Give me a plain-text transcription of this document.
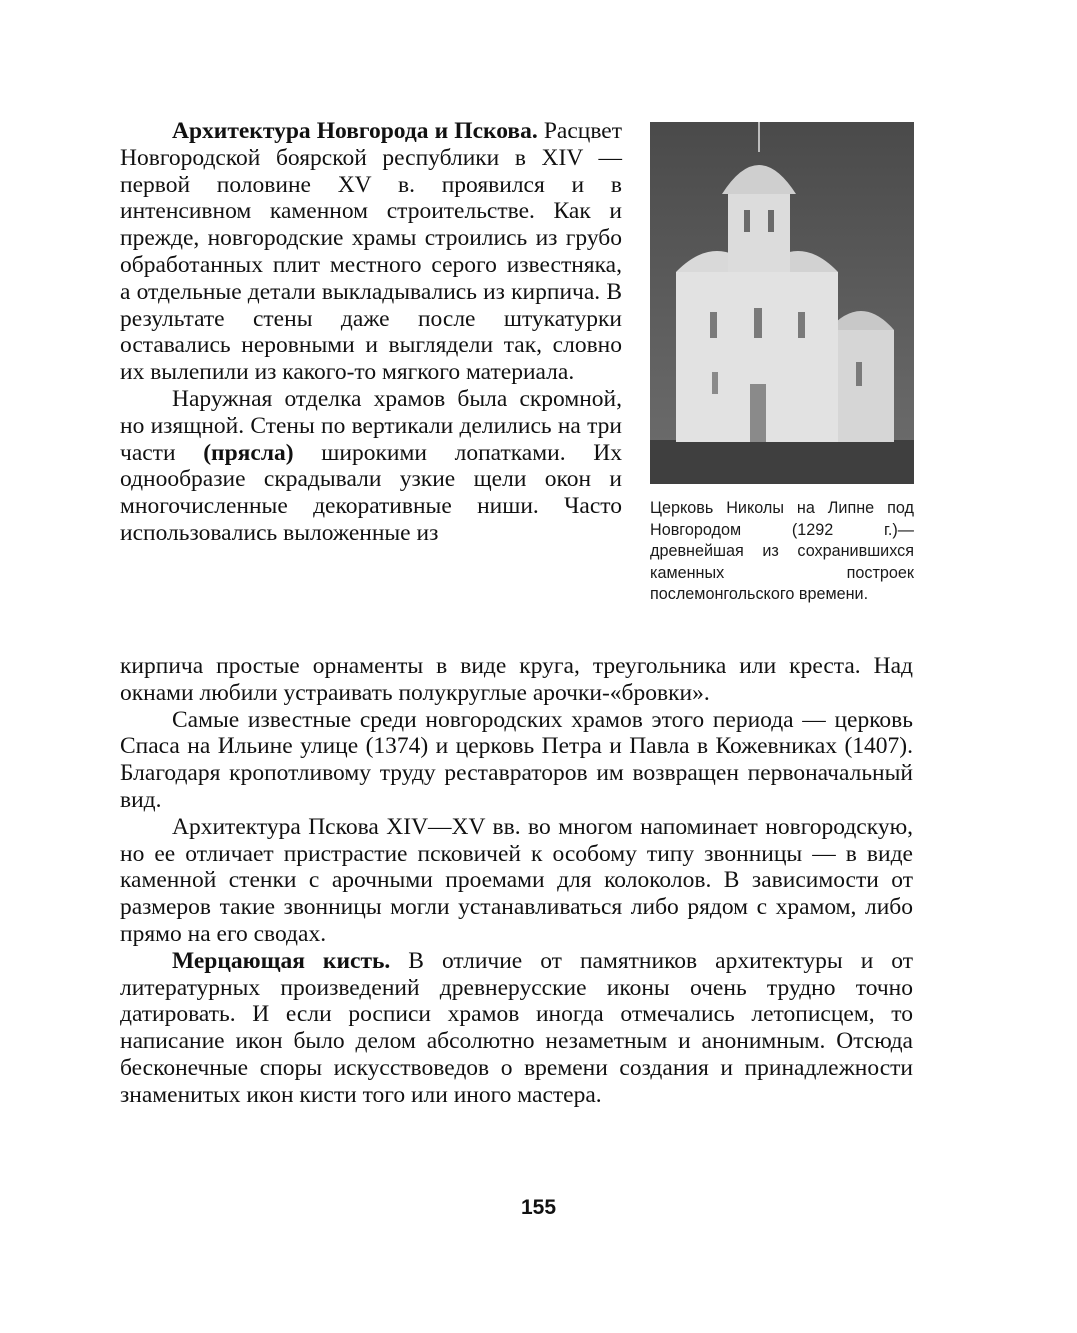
Архитектура Новгорода и Пскова. Расцвет Новгородской боярской республики в XIV — первой половине XV в. проявился и в интенсивном каменном строительстве. Как и прежде, новгородские храмы строились из грубо обработанных плит местного серого известняка, а отдельные детали выкладывались из кирпича. В результате стены даже после штукатурки оставались неровными и выглядели так, словно их вылепили из какого-то мягкого материала.

Наружная отделка храмов была скромной, но изящной. Стены по вертикали делились на три части (прясла) широкими лопатками. Их однообразие скрадывали узкие щели окон и многочисленные декоративные ниши. Часто использовались выложенные из

Церковь Николы на Липне под Новгородом (1292 г.)— древнейшая из сохранившихся каменных построек послемонгольского времени.

кирпича простые орнаменты в виде круга, треугольника или креста. Над окнами любили устраивать полукруглые арочки-«бровки».

Самые известные среди новгородских храмов этого периода — церковь Спаса на Ильине улице (1374) и церковь Петра и Павла в Кожевниках (1407). Благодаря кропотливому труду реставраторов им возвращен первоначальный вид.

Архитектура Пскова XIV—XV вв. во многом напоминает новгородскую, но ее отличает пристрастие псковичей к особому типу звонницы — в виде каменной стенки с арочными проемами для колоколов. В зависимости от размеров такие звонницы могли устанавливаться либо рядом с храмом, либо прямо на его сводах.

Мерцающая кисть. В отличие от памятников архитектуры и от литературных произведений древнерусские иконы очень трудно точно датировать. И если росписи храмов иногда отмечались летописцем, то написание икон было делом абсолютно незаметным и анонимным. Отсюда бесконечные споры искусствоведов о времени создания и принадлежности знаменитых икон кисти того или иного мастера.

155
